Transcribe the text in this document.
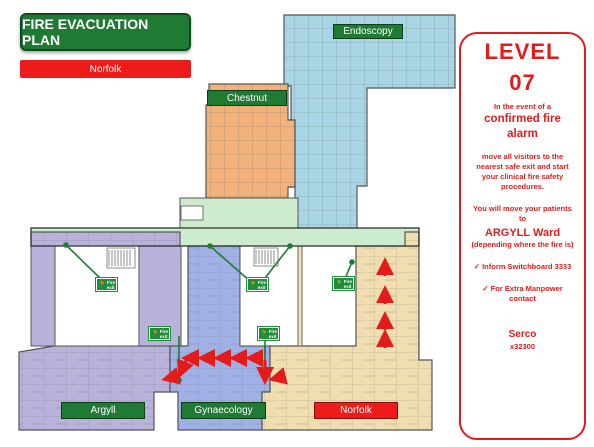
FIRE EVACUATION PLAN
Norfolk
Endoscopy
Chestnut
Argyll	Gynaecology	Norfolk
🏃 Fire
exit	🏃 Fire
exit	🏃 Fire
exit
🏃 Fire
exit	🏃 Fire
exit
LEVEL
07
In the event of a
confirmed fire
alarm
move all visitors to the nearest safe exit and start your clinical fire safety procedures.
You will move your patients
to
ARGYLL Ward
(depending where the fire is)
✓ Inform Switchboard 3333
✓ For Extra Manpower contact
Serco
x32300
